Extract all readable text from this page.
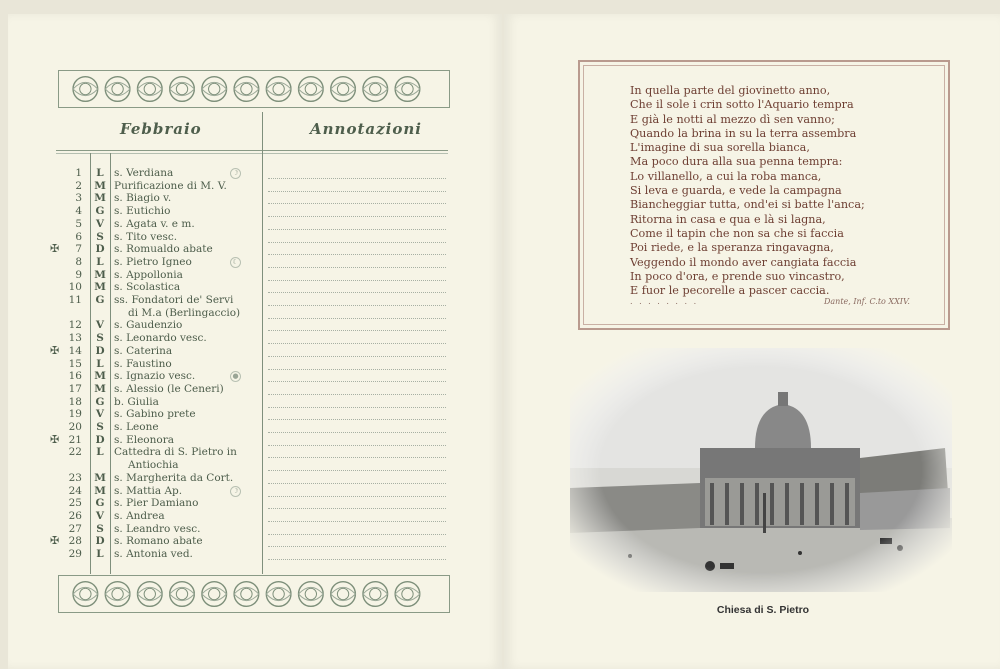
Febbraio	Annotazioni
1	L s. Verdiana	☽
2 M Purificazione di M. V.
3 M s. Biagio v.
4	G s. Eutichio
5	V s. Agata v. e m.
6	S s. Tito vesc.
✠	7	D s. Romualdo abate
8	L s. Pietro Igneo	☾
9 M s. Appollonia
10 M s. Scolastica
11	G ss. Fondatori de' Servi
di M.a (Berlingaccio)
12	V s. Gaudenzio
13	S s. Leonardo vesc.
✠ 14	D s. Caterina
15	L s. Faustino
16 M s. Ignazio vesc.	●
17 M s. Alessio (le Ceneri)
18	G b. Giulia
19	V s. Gabino prete
20	S s. Leone
✠ 21	D s. Eleonora
22	L Cattedra di S. Pietro in
Antiochia
23 M s. Margherita da Cort.
24 M s. Mattia Ap.	☽
25	G s. Pier Damiano
26	V s. Andrea
27	S s. Leandro vesc.
✠ 28	D s. Romano abate
29	L s. Antonia ved.
In quella parte del giovinetto anno,
Che il sole i crin sotto l'Aquario tempra
E già le notti al mezzo dì sen vanno;
Quando la brina in su la terra assembra
L'imagine di sua sorella bianca,
Ma poco dura alla sua penna tempra:
Lo villanello, a cui la roba manca,
Si leva e guarda, e vede la campagna
Biancheggiar tutta, ond'ei si batte l'anca;
Ritorna in casa e qua e là si lagna,
Come il tapin che non sa che si faccia
Poi riede, e la speranza ringavagna,
Veggendo il mondo aver cangiata faccia
In poco d'ora, e prende suo vincastro,
E fuor le pecorelle a pascer caccia.
. . . . . . . .	Dante, Inf. C.to XXIV.
Chiesa di S. Pietro
